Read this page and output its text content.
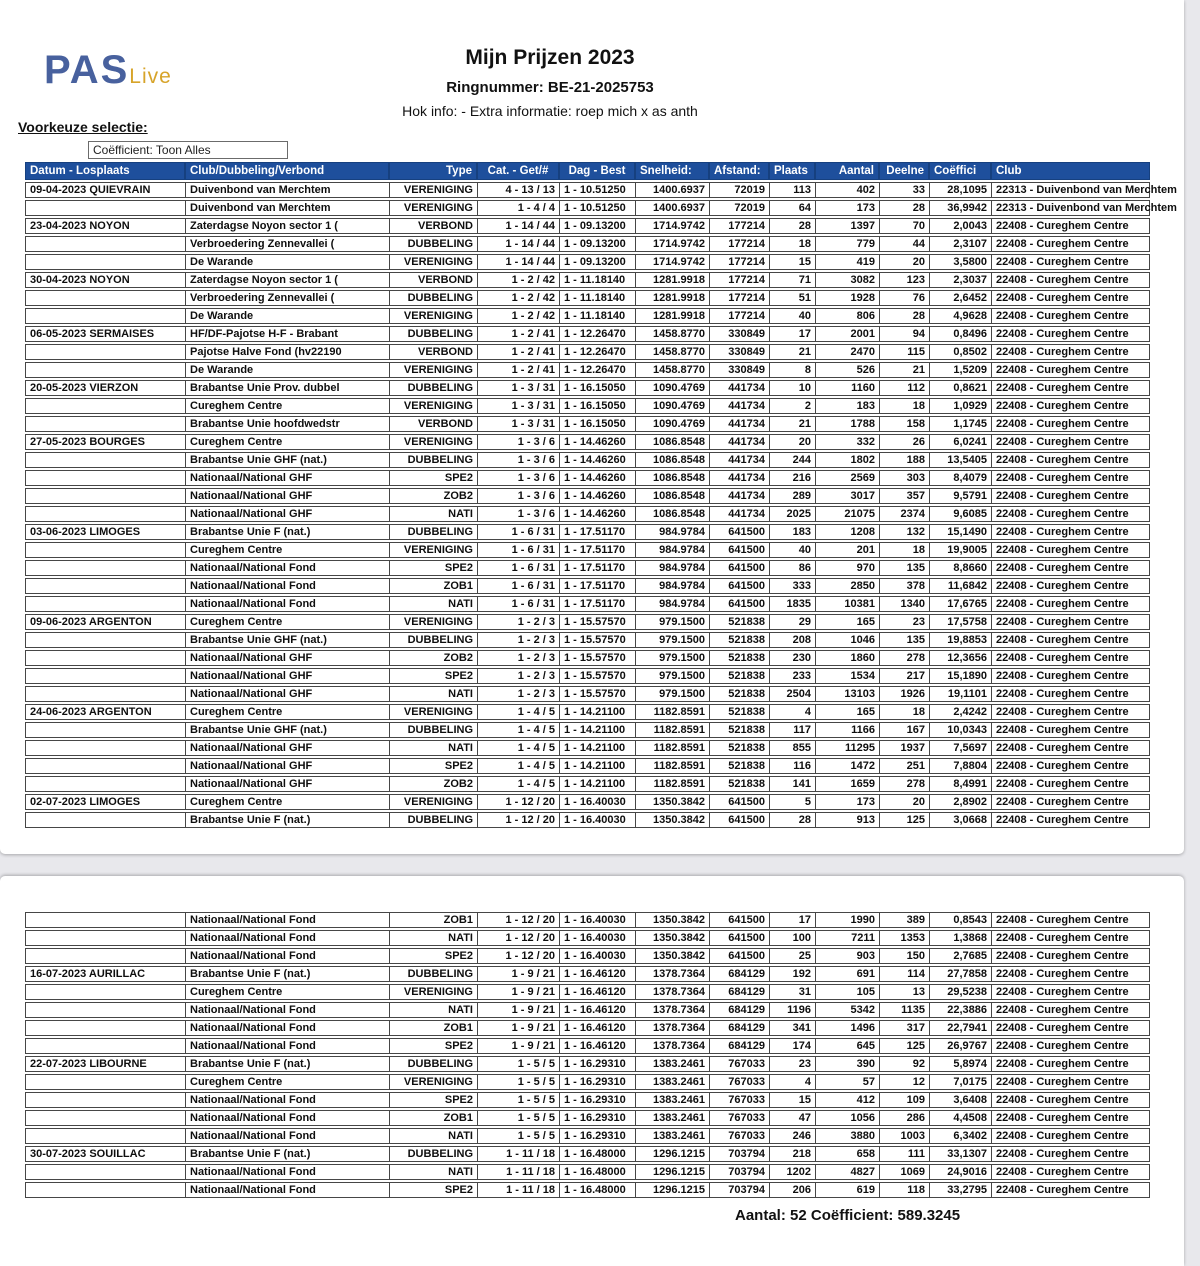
PASLive
Mijn Prijzen 2023
Ringnummer: BE-21-2025753
Hok info: - Extra informatie: roep mich x as anth
Voorkeuze selectie:
Coëfficient: Toon Alles
Datum - Losplaats	Club/Dubbeling/Verbond	Type	Cat. - Get/#	Dag - Best	Snelheid:	Afstand:	Plaats	Aantal	Deelne	Coëffici	Club
09-04-2023 QUIEVRAIN	Duivenbond van Merchtem	VERENIGING	4 - 13 / 13	1 - 10.51250	1400.6937	72019	113	402	33	28,1095	22313 - Duivenbond van Merchtem
	Duivenbond van Merchtem	VERENIGING	1 - 4 / 4	1 - 10.51250	1400.6937	72019	64	173	28	36,9942	22313 - Duivenbond van Merchtem
23-04-2023 NOYON	Zaterdagse Noyon sector 1 (	VERBOND	1 - 14 / 44	1 - 09.13200	1714.9742	177214	28	1397	70	2,0043	22408 - Cureghem Centre
	Verbroedering Zennevallei (	DUBBELING	1 - 14 / 44	1 - 09.13200	1714.9742	177214	18	779	44	2,3107	22408 - Cureghem Centre
	De Warande	VERENIGING	1 - 14 / 44	1 - 09.13200	1714.9742	177214	15	419	20	3,5800	22408 - Cureghem Centre
30-04-2023 NOYON	Zaterdagse Noyon sector 1 (	VERBOND	1 - 2 / 42	1 - 11.18140	1281.9918	177214	71	3082	123	2,3037	22408 - Cureghem Centre
	Verbroedering Zennevallei (	DUBBELING	1 - 2 / 42	1 - 11.18140	1281.9918	177214	51	1928	76	2,6452	22408 - Cureghem Centre
	De Warande	VERENIGING	1 - 2 / 42	1 - 11.18140	1281.9918	177214	40	806	28	4,9628	22408 - Cureghem Centre
06-05-2023 SERMAISES	HF/DF-Pajotse H-F - Brabant	DUBBELING	1 - 2 / 41	1 - 12.26470	1458.8770	330849	17	2001	94	0,8496	22408 - Cureghem Centre
	Pajotse Halve Fond (hv22190	VERBOND	1 - 2 / 41	1 - 12.26470	1458.8770	330849	21	2470	115	0,8502	22408 - Cureghem Centre
	De Warande	VERENIGING	1 - 2 / 41	1 - 12.26470	1458.8770	330849	8	526	21	1,5209	22408 - Cureghem Centre
20-05-2023 VIERZON	Brabantse Unie Prov. dubbel	DUBBELING	1 - 3 / 31	1 - 16.15050	1090.4769	441734	10	1160	112	0,8621	22408 - Cureghem Centre
	Cureghem Centre	VERENIGING	1 - 3 / 31	1 - 16.15050	1090.4769	441734	2	183	18	1,0929	22408 - Cureghem Centre
	Brabantse Unie hoofdwedstr	VERBOND	1 - 3 / 31	1 - 16.15050	1090.4769	441734	21	1788	158	1,1745	22408 - Cureghem Centre
27-05-2023 BOURGES	Cureghem Centre	VERENIGING	1 - 3 / 6	1 - 14.46260	1086.8548	441734	20	332	26	6,0241	22408 - Cureghem Centre
	Brabantse Unie GHF (nat.)	DUBBELING	1 - 3 / 6	1 - 14.46260	1086.8548	441734	244	1802	188	13,5405	22408 - Cureghem Centre
	Nationaal/National GHF	SPE2	1 - 3 / 6	1 - 14.46260	1086.8548	441734	216	2569	303	8,4079	22408 - Cureghem Centre
	Nationaal/National GHF	ZOB2	1 - 3 / 6	1 - 14.46260	1086.8548	441734	289	3017	357	9,5791	22408 - Cureghem Centre
	Nationaal/National GHF	NATI	1 - 3 / 6	1 - 14.46260	1086.8548	441734	2025	21075	2374	9,6085	22408 - Cureghem Centre
03-06-2023 LIMOGES	Brabantse Unie F (nat.)	DUBBELING	1 - 6 / 31	1 - 17.51170	984.9784	641500	183	1208	132	15,1490	22408 - Cureghem Centre
	Cureghem Centre	VERENIGING	1 - 6 / 31	1 - 17.51170	984.9784	641500	40	201	18	19,9005	22408 - Cureghem Centre
	Nationaal/National Fond	SPE2	1 - 6 / 31	1 - 17.51170	984.9784	641500	86	970	135	8,8660	22408 - Cureghem Centre
	Nationaal/National Fond	ZOB1	1 - 6 / 31	1 - 17.51170	984.9784	641500	333	2850	378	11,6842	22408 - Cureghem Centre
	Nationaal/National Fond	NATI	1 - 6 / 31	1 - 17.51170	984.9784	641500	1835	10381	1340	17,6765	22408 - Cureghem Centre
09-06-2023 ARGENTON	Cureghem Centre	VERENIGING	1 - 2 / 3	1 - 15.57570	979.1500	521838	29	165	23	17,5758	22408 - Cureghem Centre
	Brabantse Unie GHF (nat.)	DUBBELING	1 - 2 / 3	1 - 15.57570	979.1500	521838	208	1046	135	19,8853	22408 - Cureghem Centre
	Nationaal/National GHF	ZOB2	1 - 2 / 3	1 - 15.57570	979.1500	521838	230	1860	278	12,3656	22408 - Cureghem Centre
	Nationaal/National GHF	SPE2	1 - 2 / 3	1 - 15.57570	979.1500	521838	233	1534	217	15,1890	22408 - Cureghem Centre
	Nationaal/National GHF	NATI	1 - 2 / 3	1 - 15.57570	979.1500	521838	2504	13103	1926	19,1101	22408 - Cureghem Centre
24-06-2023 ARGENTON	Cureghem Centre	VERENIGING	1 - 4 / 5	1 - 14.21100	1182.8591	521838	4	165	18	2,4242	22408 - Cureghem Centre
	Brabantse Unie GHF (nat.)	DUBBELING	1 - 4 / 5	1 - 14.21100	1182.8591	521838	117	1166	167	10,0343	22408 - Cureghem Centre
	Nationaal/National GHF	NATI	1 - 4 / 5	1 - 14.21100	1182.8591	521838	855	11295	1937	7,5697	22408 - Cureghem Centre
	Nationaal/National GHF	SPE2	1 - 4 / 5	1 - 14.21100	1182.8591	521838	116	1472	251	7,8804	22408 - Cureghem Centre
	Nationaal/National GHF	ZOB2	1 - 4 / 5	1 - 14.21100	1182.8591	521838	141	1659	278	8,4991	22408 - Cureghem Centre
02-07-2023 LIMOGES	Cureghem Centre	VERENIGING	1 - 12 / 20	1 - 16.40030	1350.3842	641500	5	173	20	2,8902	22408 - Cureghem Centre
	Brabantse Unie F (nat.)	DUBBELING	1 - 12 / 20	1 - 16.40030	1350.3842	641500	28	913	125	3,0668	22408 - Cureghem Centre
	Nationaal/National Fond	ZOB1	1 - 12 / 20	1 - 16.40030	1350.3842	641500	17	1990	389	0,8543	22408 - Cureghem Centre
	Nationaal/National Fond	NATI	1 - 12 / 20	1 - 16.40030	1350.3842	641500	100	7211	1353	1,3868	22408 - Cureghem Centre
	Nationaal/National Fond	SPE2	1 - 12 / 20	1 - 16.40030	1350.3842	641500	25	903	150	2,7685	22408 - Cureghem Centre
16-07-2023 AURILLAC	Brabantse Unie F (nat.)	DUBBELING	1 - 9 / 21	1 - 16.46120	1378.7364	684129	192	691	114	27,7858	22408 - Cureghem Centre
	Cureghem Centre	VERENIGING	1 - 9 / 21	1 - 16.46120	1378.7364	684129	31	105	13	29,5238	22408 - Cureghem Centre
	Nationaal/National Fond	NATI	1 - 9 / 21	1 - 16.46120	1378.7364	684129	1196	5342	1135	22,3886	22408 - Cureghem Centre
	Nationaal/National Fond	ZOB1	1 - 9 / 21	1 - 16.46120	1378.7364	684129	341	1496	317	22,7941	22408 - Cureghem Centre
	Nationaal/National Fond	SPE2	1 - 9 / 21	1 - 16.46120	1378.7364	684129	174	645	125	26,9767	22408 - Cureghem Centre
22-07-2023 LIBOURNE	Brabantse Unie F (nat.)	DUBBELING	1 - 5 / 5	1 - 16.29310	1383.2461	767033	23	390	92	5,8974	22408 - Cureghem Centre
	Cureghem Centre	VERENIGING	1 - 5 / 5	1 - 16.29310	1383.2461	767033	4	57	12	7,0175	22408 - Cureghem Centre
	Nationaal/National Fond	SPE2	1 - 5 / 5	1 - 16.29310	1383.2461	767033	15	412	109	3,6408	22408 - Cureghem Centre
	Nationaal/National Fond	ZOB1	1 - 5 / 5	1 - 16.29310	1383.2461	767033	47	1056	286	4,4508	22408 - Cureghem Centre
	Nationaal/National Fond	NATI	1 - 5 / 5	1 - 16.29310	1383.2461	767033	246	3880	1003	6,3402	22408 - Cureghem Centre
30-07-2023 SOUILLAC	Brabantse Unie F (nat.)	DUBBELING	1 - 11 / 18	1 - 16.48000	1296.1215	703794	218	658	111	33,1307	22408 - Cureghem Centre
	Nationaal/National Fond	NATI	1 - 11 / 18	1 - 16.48000	1296.1215	703794	1202	4827	1069	24,9016	22408 - Cureghem Centre
	Nationaal/National Fond	SPE2	1 - 11 / 18	1 - 16.48000	1296.1215	703794	206	619	118	33,2795	22408 - Cureghem Centre
Aantal: 52 Coëfficient: 589.3245
